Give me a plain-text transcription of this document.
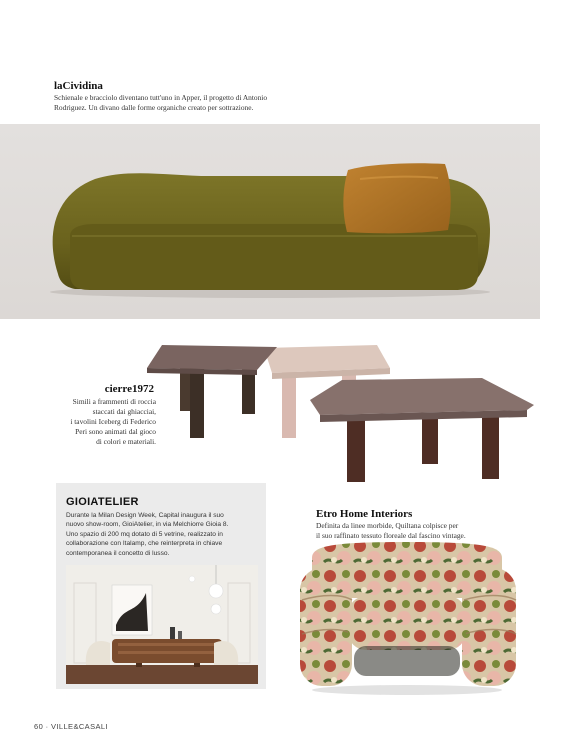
laCividina
Schienale e bracciolo diventano tutt'uno in Apper, il progetto di Antonio
Rodriguez. Un divano dalle forme organiche creato per sottrazione.
cierre1972
Simili a frammenti di roccia
staccati dai ghiacciai,
i tavolini Iceberg di Federico
Peri sono animati dal gioco
di colori e materiali.
GIOIATELIER
Durante la Milan Design Week, Capital inaugura il suo
nuovo show-room, GioiAtelier, in via Melchiorre Gioia 8.
Uno spazio di 200 mq dotato di 5 vetrine, realizzato in
collaborazione con Italamp, che reinterpreta in chiave
contemporanea il concetto di lusso.
Etro Home Interiors
Definita da linee morbide, Quiltana colpisce per
il suo raffinato tessuto floreale dal fascino vintage.
60 · VILLE&CASALI
